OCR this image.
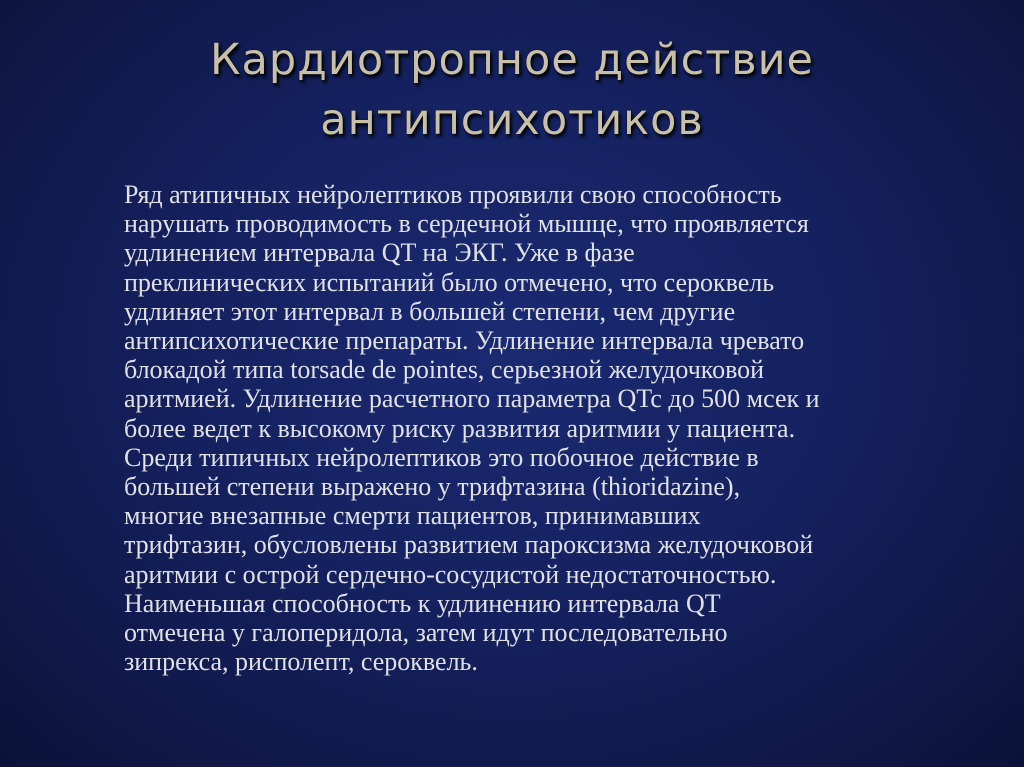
Кардиотропное действие
антипсихотиков
Ряд атипичных нейролептиков проявили свою способность
нарушать проводимость в сердечной мышце, что проявляется
удлинением интервала QT на ЭКГ. Уже в фазе
преклинических испытаний было отмечено, что сероквель
удлиняет этот интервал в большей степени, чем другие
антипсихотические препараты. Удлинение интервала чревато
блокадой типа torsade de pointes, серьезной желудочковой
аритмией. Удлинение расчетного параметра QTc до 500 мсек и
более ведет к высокому риску развития аритмии у пациента.
Среди типичных нейролептиков это побочное действие в
большей степени выражено у трифтазина (thioridazine),
многие внезапные смерти пациентов, принимавших
трифтазин, обусловлены развитием пароксизма желудочковой
аритмии с острой сердечно-сосудистой недостаточностью.
Наименьшая способность к удлинению интервала QT
отмечена у галоперидола, затем идут последовательно
зипрекса, рисполепт, сероквель.
